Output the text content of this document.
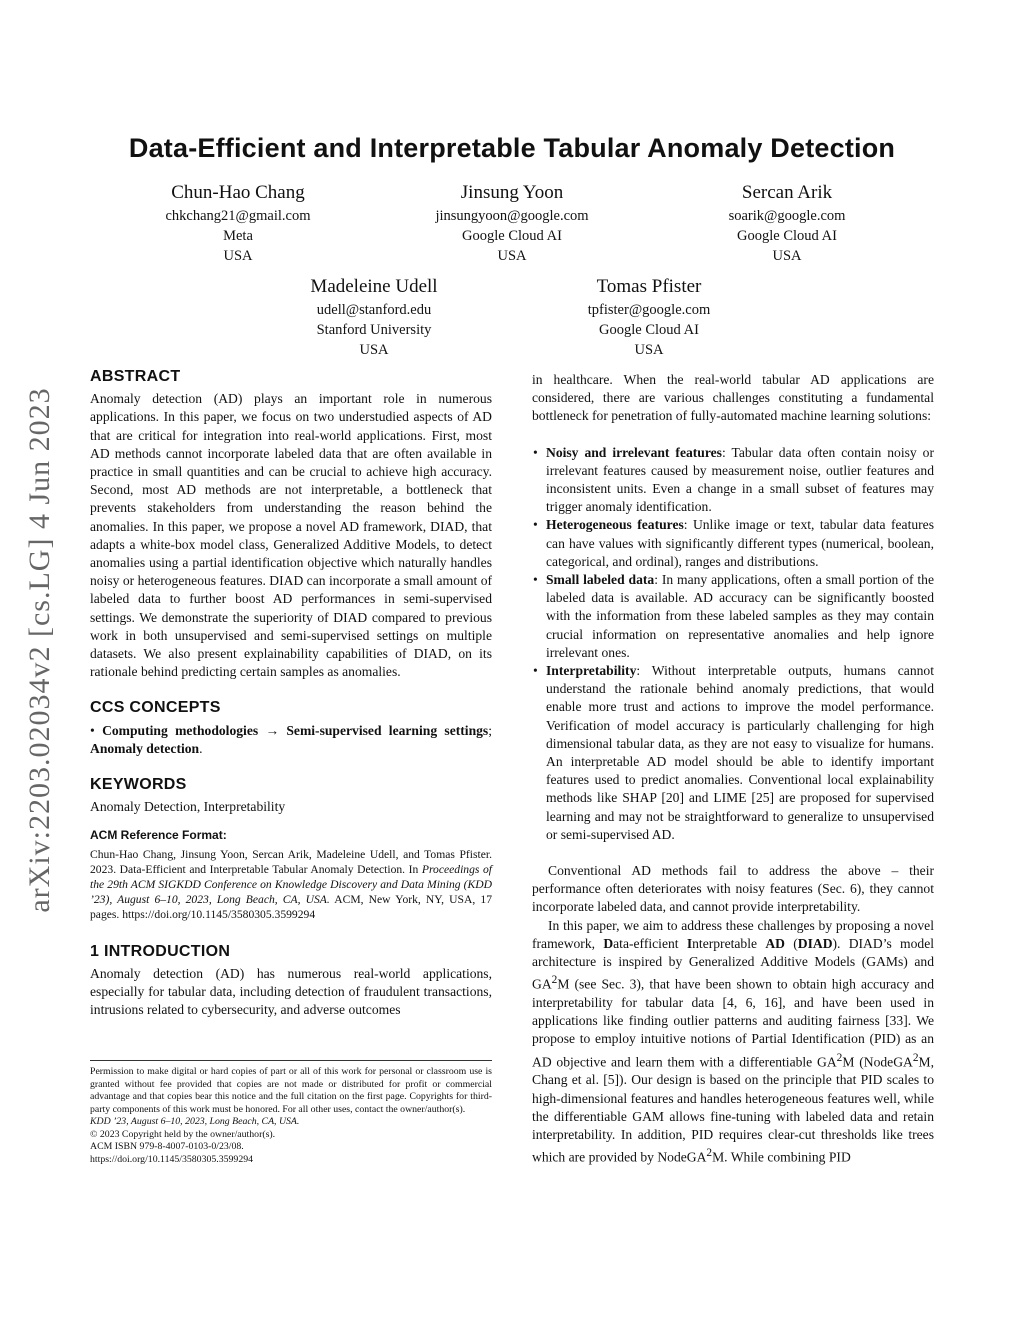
arXiv:2203.02034v2 [cs.LG] 4 Jun 2023
Data-Efficient and Interpretable Tabular Anomaly Detection
Chun-Hao Chang
chkchang21@gmail.com
Meta
USA
Jinsung Yoon
jinsungyoon@google.com
Google Cloud AI
USA
Sercan Arik
soarik@google.com
Google Cloud AI
USA
Madeleine Udell
udell@stanford.edu
Stanford University
USA
Tomas Pfister
tpfister@google.com
Google Cloud AI
USA
ABSTRACT

Anomaly detection (AD) plays an important role in numerous applications. In this paper, we focus on two understudied aspects of AD that are critical for integration into real-world applications. First, most AD methods cannot incorporate labeled data that are often available in practice in small quantities and can be crucial to achieve high accuracy. Second, most AD methods are not interpretable, a bottleneck that prevents stakeholders from understanding the reason behind the anomalies. In this paper, we propose a novel AD framework, DIAD, that adapts a white-box model class, Generalized Additive Models, to detect anomalies using a partial identification objective which naturally handles noisy or heterogeneous features. DIAD can incorporate a small amount of labeled data to further boost AD performances in semi-supervised settings. We demonstrate the superiority of DIAD compared to previous work in both unsupervised and semi-supervised settings on multiple datasets. We also present explainability capabilities of DIAD, on its rationale behind predicting certain samples as anomalies.

CCS CONCEPTS

• Computing methodologies → Semi-supervised learning settings; Anomaly detection.

KEYWORDS

Anomaly Detection, Interpretability

ACM Reference Format:

Chun-Hao Chang, Jinsung Yoon, Sercan Arik, Madeleine Udell, and Tomas Pfister. 2023. Data-Efficient and Interpretable Tabular Anomaly Detection. In Proceedings of the 29th ACM SIGKDD Conference on Knowledge Discovery and Data Mining (KDD ’23), August 6–10, 2023, Long Beach, CA, USA. ACM, New York, NY, USA, 17 pages. https://doi.org/10.1145/3580305.3599294

1 INTRODUCTION

Anomaly detection (AD) has numerous real-world applications, especially for tabular data, including detection of fraudulent transactions, intrusions related to cybersecurity, and adverse outcomes

Permission to make digital or hard copies of part or all of this work for personal or classroom use is granted without fee provided that copies are not made or distributed for profit or commercial advantage and that copies bear this notice and the full citation on the first page. Copyrights for third-party components of this work must be honored. For all other uses, contact the owner/author(s).

KDD ’23, August 6–10, 2023, Long Beach, CA, USA.

© 2023 Copyright held by the owner/author(s).

ACM ISBN 979-8-4007-0103-0/23/08.

https://doi.org/10.1145/3580305.3599294

in healthcare. When the real-world tabular AD applications are considered, there are various challenges constituting a fundamental bottleneck for penetration of fully-automated machine learning solutions:

• Noisy and irrelevant features: Tabular data often contain noisy or irrelevant features caused by measurement noise, outlier features and inconsistent units. Even a change in a small subset of features may trigger anomaly identification.
• Heterogeneous features: Unlike image or text, tabular data features can have values with significantly different types (numerical, boolean, categorical, and ordinal), ranges and distributions.
• Small labeled data: In many applications, often a small portion of the labeled data is available. AD accuracy can be significantly boosted with the information from these labeled samples as they may contain crucial information on representative anomalies and help ignore irrelevant ones.
• Interpretability: Without interpretable outputs, humans cannot understand the rationale behind anomaly predictions, that would enable more trust and actions to improve the model performance. Verification of model accuracy is particularly challenging for high dimensional tabular data, as they are not easy to visualize for humans. An interpretable AD model should be able to identify important features used to predict anomalies. Conventional local explainability methods like SHAP [20] and LIME [25] are proposed for supervised learning and may not be straightforward to generalize to unsupervised or semi-supervised AD.

Conventional AD methods fail to address the above – their performance often deteriorates with noisy features (Sec. 6), they cannot incorporate labeled data, and cannot provide interpretability.

In this paper, we aim to address these challenges by proposing a novel framework, Data-efficient Interpretable AD (DIAD). DIAD’s model architecture is inspired by Generalized Additive Models (GAMs) and $GA^2M$ (see Sec. 3), that have been shown to obtain high accuracy and interpretability for tabular data [4, 6, 16], and have been used in applications like finding outlier patterns and auditing fairness [33]. We propose to employ intuitive notions of Partial Identification (PID) as an AD objective and learn them with a differentiable $GA^2M$ (NodeGA$^2$M, Chang et al. [5]). Our design is based on the principle that PID scales to high-dimensional features and handles heterogeneous features well, while the differentiable GAM allows fine-tuning with labeled data and retain interpretability. In addition, PID requires clear-cut thresholds like trees which are provided by NodeGA$^2$M. While combining PID
